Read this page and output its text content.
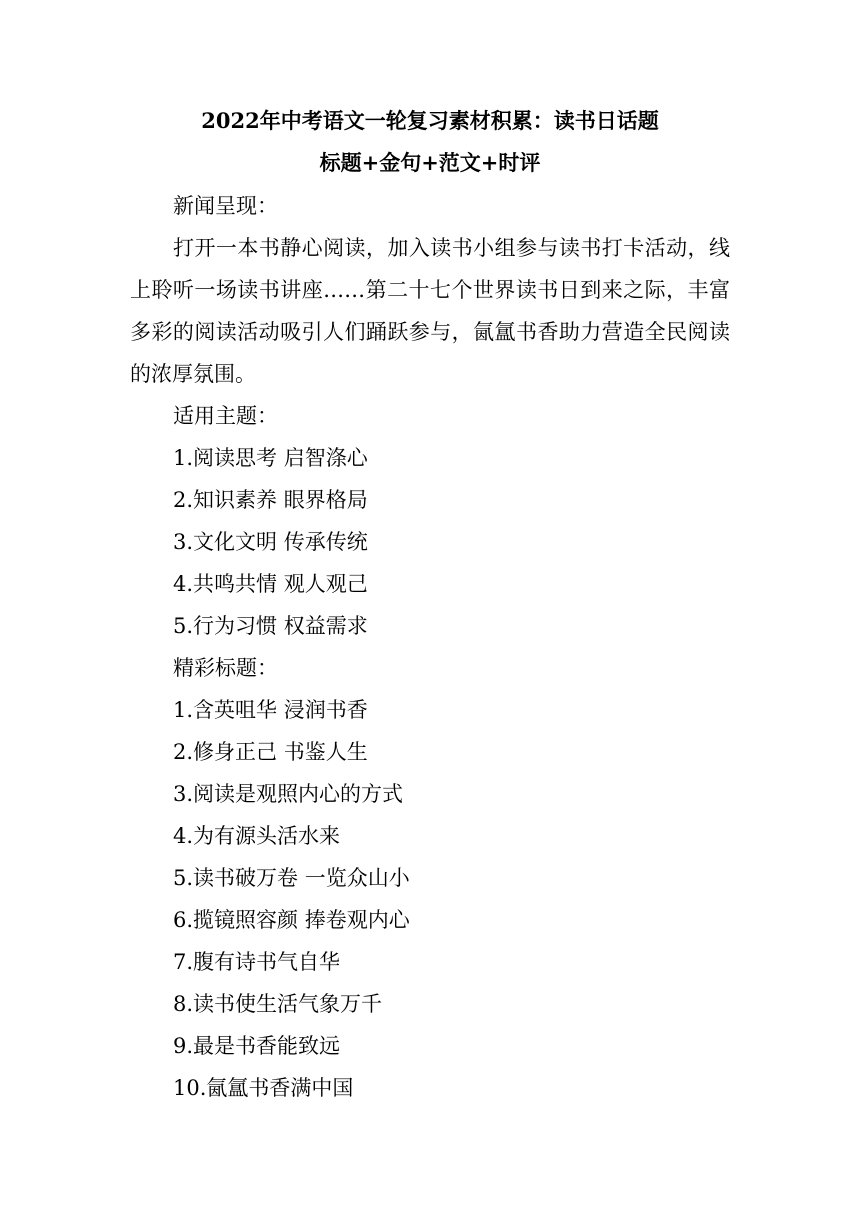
2022年中考语文一轮复习素材积累：读书日话题
标题+金句+范文+时评
新闻呈现：
打开一本书静心阅读，加入读书小组参与读书打卡活动，线
上聆听一场读书讲座……第二十七个世界读书日到来之际，丰富
多彩的阅读活动吸引人们踊跃参与，氤氲书香助力营造全民阅读
的浓厚氛围。
适用主题：
1.阅读思考 启智涤心
2.知识素养 眼界格局
3.文化文明 传承传统
4.共鸣共情 观人观己
5.行为习惯 权益需求
精彩标题：
1.含英咀华 浸润书香
2.修身正己 书鉴人生
3.阅读是观照内心的方式
4.为有源头活水来
5.读书破万卷 一览众山小
6.揽镜照容颜 捧卷观内心
7.腹有诗书气自华
8.读书使生活气象万千
9.最是书香能致远
10.氤氲书香满中国
